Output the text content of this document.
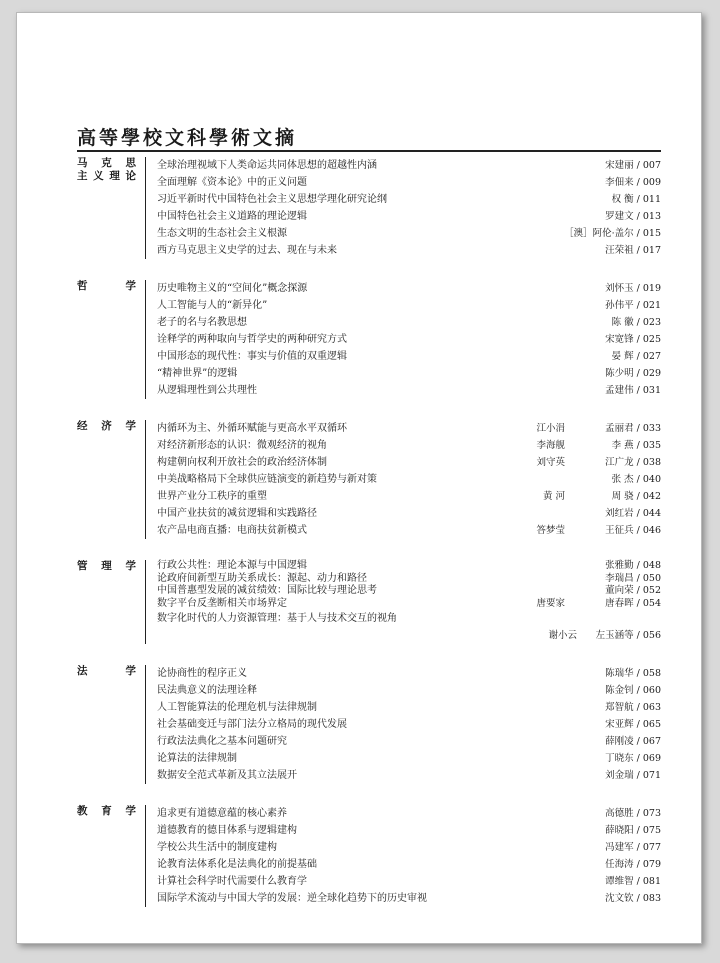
高等學校文科學術文摘
马 克 思
主义理论
全球治理视域下人类命运共同体思想的超越性内涵	宋建丽 / 007
全面理解《资本论》中的正义问题	李佃来 / 009
习近平新时代中国特色社会主义思想学理化研究论纲	权 衡 / 011
中国特色社会主义道路的理论逻辑	罗建文 / 013
生态文明的生态社会主义根源	［澳］阿伦·盖尔 / 015
西方马克思主义史学的过去、现在与未来	汪荣祖 / 017
哲 学 历史唯物主义的“空间化”概念探源	刘怀玉 / 019
人工智能与人的“新异化”	孙伟平 / 021
老子的名与名教思想	陈 徽 / 023
诠释学的两种取向与哲学史的两种研究方式	宋宽锋 / 025
中国形态的现代性：事实与价值的双重逻辑	晏 辉 / 027
“精神世界”的逻辑	陈少明 / 029
从逻辑理性到公共理性	孟建伟 / 031
经 济 学 内循环为主、外循环赋能与更高水平双循环	江小涓	孟丽君 / 033
对经济新形态的认识：微观经济的视角	李海舰	李 燕 / 035
构建朝向权利开放社会的政治经济体制	刘守英	江广龙 / 038
中美战略格局下全球供应链演变的新趋势与新对策	张 杰 / 040
世界产业分工秩序的重塑	黄 河	周 骁 / 042
中国产业扶贫的减贫逻辑和实践路径	刘红岩 / 044
农产品电商直播：电商扶贫新模式	答梦莹	王征兵 / 046
管 理 学 行政公共性：理论本源与中国逻辑	张雅勤 / 048
论政府间新型互助关系成长：源起、动力和路径	李瑞昌 / 050
中国普惠型发展的减贫绩效：国际比较与理论思考	董向荣 / 052
数字平台反垄断相关市场界定	唐要家	唐春晖 / 054
数字化时代的人力资源管理：基于人与技术交互的视角
谢小云 左玉涵等 / 056
法 学 论协商性的程序正义	陈瑞华 / 058
民法典意义的法理诠释	陈金钊 / 060
人工智能算法的伦理危机与法律规制	郑智航 / 063
社会基础变迁与部门法分立格局的现代发展	宋亚辉 / 065
行政法法典化之基本问题研究	薛刚凌 / 067
论算法的法律规制	丁晓东 / 069
数据安全范式革新及其立法展开	刘金瑞 / 071
教 育 学 追求更有道德意蕴的核心素养	高德胜 / 073
道德教育的德目体系与逻辑建构	薛晓阳 / 075
学校公共生活中的制度建构	冯建军 / 077
论教育法体系化是法典化的前提基础	任海涛 / 079
计算社会科学时代需要什么教育学	谭维智 / 081
国际学术流动与中国大学的发展：逆全球化趋势下的历史审视	沈文钦 / 083
